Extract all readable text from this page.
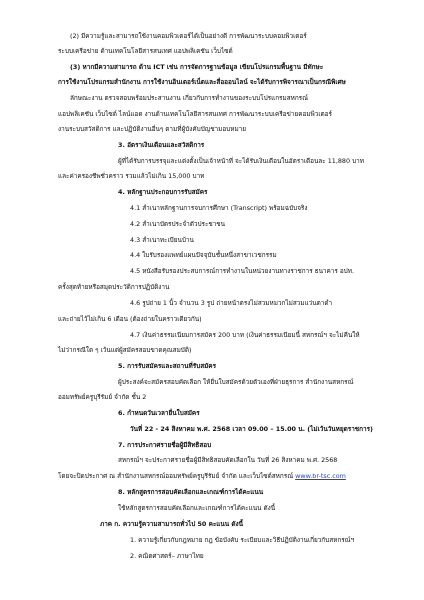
(2) มีความรู้และสามารถใช้งานคอมพิวเตอร์ได้เป็นอย่างดี การพัฒนาระบบคอมพิวเตอร์
ระบบเครือข่าย ด้านเทคโนโลยีสารสนเทศ แอปพลิเคชัน เว็บไซต์
(3) หากมีความสามารถ ด้าน ICT เช่น การจัดการฐานข้อมูล เขียนโปรแกรมพื้นฐาน มีทักษะ
การใช้งานโปรแกรมสำนักงาน การใช้งานอินเตอร์เน็ตและสื่อออนไลน์ จะได้รับการพิจารณาเป็นกรณีพิเศษ
ลักษณะงาน ตรวจสอบพร้อมประสานงาน เกี่ยวกับการทำงานของระบบโปรแกรมสหกรณ์
แอปพลิเคชัน เว็บไซต์ ไลน์แอด งานด้านเทคโนโลยีสารสนเทศ การพัฒนาระบบเครือข่ายคอมพิวเตอร์
งานระบบสวัสดิการ และปฏิบัติงานอื่นๆ ตามที่ผู้บังคับบัญชามอบหมาย
3. อัตราเงินเดือนและสวัสดิการ
ผู้ที่ได้รับการบรรจุและแต่งตั้งเป็นเจ้าหน้าที่ จะได้รับเงินเดือนในอัตราเดือนละ 11,880 บาท
และค่าครองชีพชั่วคราว รวมแล้วไม่เกิน 15,000 บาท
4. หลักฐานประกอบการรับสมัคร
4.1 สำเนาหลักฐานการจบการศึกษา (Transcript) พร้อมฉบับจริง
4.2 สำเนาบัตรประจำตัวประชาชน
4.3 สำเนาทะเบียนบ้าน
4.4 ใบรับรองแพทย์แผนปัจจุบันชั้นหนึ่งสาขาเวชกรรม
4.5 หนังสือรับรองประสบการณ์การทำงานในหน่วยงานทางราชการ ธนาคาร อปท.
ครั้งสุดท้ายหรือสมุดประวัติการปฏิบัติงาน
4.6 รูปถ่าย 1 นิ้ว จำนวน 3 รูป ถ่ายหน้าตรงไม่สวมหมวกไม่สวมแว่นตาดำ
และถ่ายไว้ไม่เกิน 6 เดือน (ต้องถ่ายในคราวเดียวกัน)
4.7 เงินค่าธรรมเนียมการสมัคร 200 บาท (เงินค่าธรรมเนียมนี้ สหกรณ์ฯ จะไม่คืนให้
ไม่ว่ากรณีใด ๆ เว้นแต่ผู้สมัครสอบขาดคุณสมบัติ)
5. การรับสมัครและสถานที่รับสมัคร
ผู้ประสงค์จะสมัครสอบคัดเลือก ให้ยื่นใบสมัครด้วยตัวเองที่ฝ่ายธุรการ สำนักงานสหกรณ์
ออมทรัพย์ครูบุรีรัมย์ จำกัด ชั้น 2
6. กำหนดวันเวลายื่นใบสมัคร
วันที่ 22 - 24 สิงหาคม พ.ศ. 2568 เวลา 09.00 – 15.00 น. (ไม่เว้นวันหยุดราชการ)
7. การประกาศรายชื่อผู้มีสิทธิสอบ
สหกรณ์ฯ จะประกาศรายชื่อผู้มีสิทธิสอบคัดเลือกใน วันที่ 26 สิงหาคม พ.ศ. 2568
โดยจะปิดประกาศ ณ สำนักงานสหกรณ์ออมทรัพย์ครูบุรีรัมย์ จำกัด และเว็บไซต์สหกรณ์ www.br-tsc.com
8. หลักสูตรการสอบคัดเลือกและเกณฑ์การได้คะแนน
ใช้หลักสูตรการสอบคัดเลือกและเกณฑ์การได้คะแนน ดังนี้
ภาค ก. ความรู้ความสามารถทั่วไป 50 คะแนน ดังนี้
1. ความรู้เกี่ยวกับกฎหมาย กฎ ข้อบังคับ ระเบียบและวิธีปฏิบัติงานเกี่ยวกับสหกรณ์ฯ
2. คณิตศาสตร์– ภาษาไทย
